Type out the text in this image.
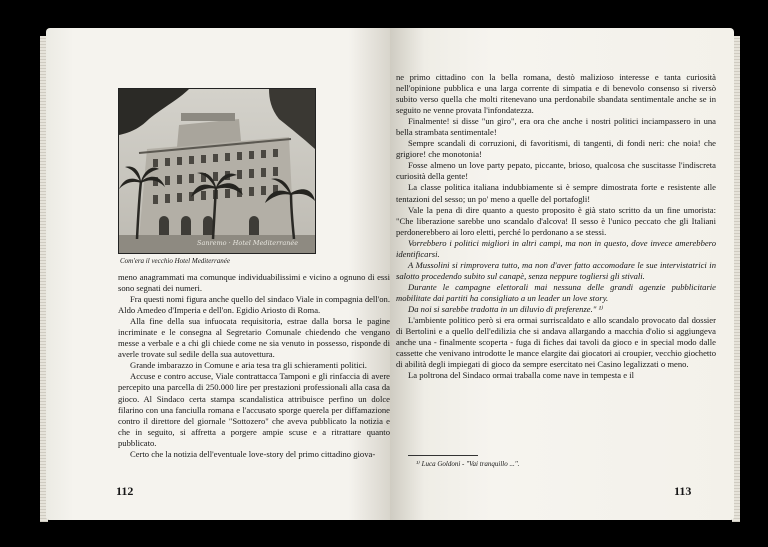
Sanremo · Hotel Mediterranée
Com'era il vecchio Hotel Mediterranée

meno anagrammati ma comunque individuabilissimi e vicino a ognuno di essi sono segnati dei numeri.

Fra questi nomi figura anche quello del sindaco Viale in compagnia dell'on. Aldo Amedeo d'Imperia e dell'on. Egidio Ariosto di Roma.

Alla fine della sua infuocata requisitoria, estrae dalla borsa le pagine incriminate e le consegna al Segretario Comunale chiedendo che vengano messe a verbale e a chi gli chiede come ne sia venuto in possesso, risponde di averle trovate sul sedile della sua autovettura.

Grande imbarazzo in Comune e aria tesa tra gli schieramenti politici.

Accuse e contro accuse, Viale contrattacca Tamponi e gli rinfaccia di avere percepito una parcella di 250.000 lire per prestazioni professionali alla casa da gioco. Al Sindaco certa stampa scandalistica attribuisce perfino un dolce filarino con una fanciulla romana e l'accusato sporge querela per diffamazione contro il direttore del giornale "Sottozero" che aveva pubblicato la notizia e che in seguito, si affretta a porgere ampie scuse e a ritrattare quanto pubblicato.

Certo che la notizia dell'eventuale love-story del primo cittadino giova-

112

ne primo cittadino con la bella romana, destò malizioso interesse e tanta curiosità nell'opinione pubblica e una larga corrente di simpatia e di benevolo consenso si riversò subito verso quella che molti ritenevano una perdonabile sbandata sentimentale anche se in seguito ne venne provata l'infondatezza.

Finalmente! si disse "un giro", era ora che anche i nostri politici inciampassero in una bella strambata sentimentale!

Sempre scandali di corruzioni, di favoritismi, di tangenti, di fondi neri: che noia! che grigiore! che monotonia!

Fosse almeno un love party pepato, piccante, brioso, qualcosa che suscitasse l'indiscreta curiosità della gente!

La classe politica italiana indubbiamente si è sempre dimostrata forte e resistente alle tentazioni del sesso; un po' meno a quelle del portafogli!

Vale la pena di dire quanto a questo proposito è già stato scritto da un fine umorista: "Che liberazione sarebbe uno scandalo d'alcova! Il sesso è l'unico peccato che gli Italiani perdonerebbero ai loro eletti, perché lo perdonano a se stessi.

Vorrebbero i politici migliori in altri campi, ma non in questo, dove invece amerebbero identificarsi.

A Mussolini si rimprovera tutto, ma non d'aver fatto accomodare le sue intervistatrici in salotto procedendo subito sul canapè, senza neppure togliersi gli stivali.

Durante le campagne elettorali mai nessuna delle grandi agenzie pubblicitarie mobilitate dai partiti ha consigliato a un leader un love story.

Da noi si sarebbe tradotta in un diluvio di preferenze." ¹⁾

L'ambiente politico però si era ormai surriscaldato e allo scandalo provocato dal dossier di Bertolini e a quello dell'edilizia che si andava allargando a macchia d'olio si aggiungeva anche una - finalmente scoperta - fuga di fiches dai tavoli da gioco e in special modo dalle cassette che venivano introdotte le mance elargite dai giocatori ai croupier, vecchio giochetto di abilità degli impiegati di gioco da sempre esercitato nei Casino legalizzati o meno.

La poltrona del Sindaco ormai traballa come nave in tempesta e il

¹⁾ Luca Goldoni - "Vai tranquillo ...".
113
